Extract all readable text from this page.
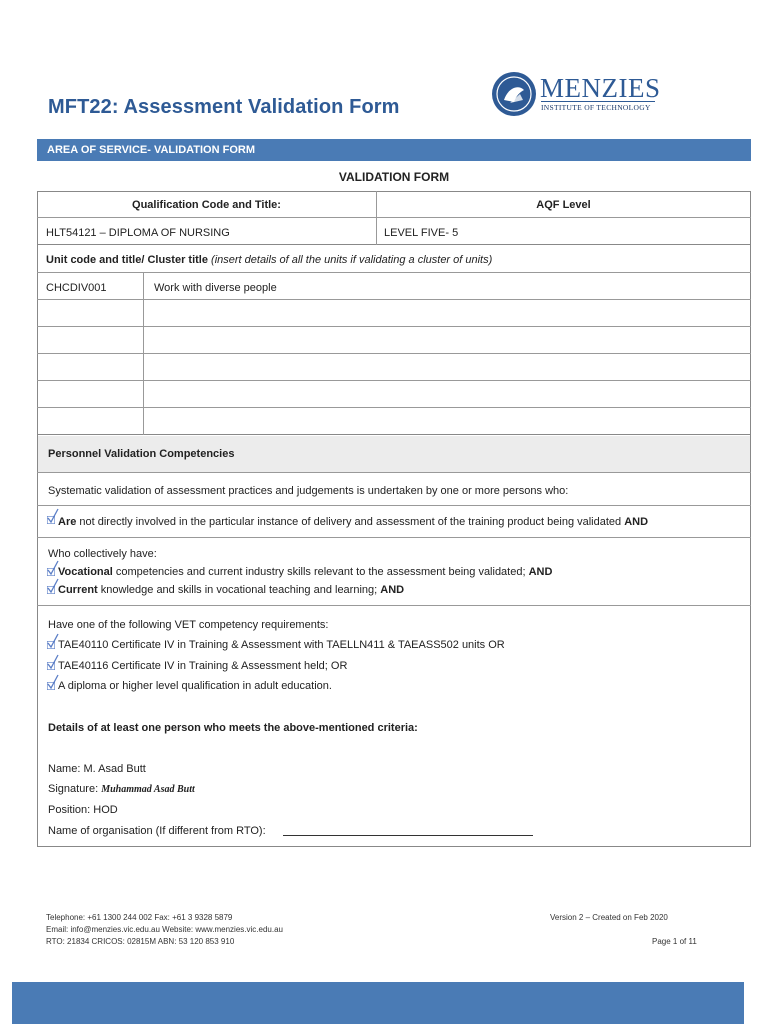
MFT22: Assessment Validation Form
MENZIES
INSTITUTE OF TECHNOLOGY
AREA OF SERVICE- VALIDATION FORM
VALIDATION FORM
Qualification Code and Title:	AQF Level
HLT54121 – DIPLOMA OF NURSING	LEVEL FIVE- 5
Unit code and title/ Cluster title (insert details of all the units if validating a cluster of units)
CHCDIV001	Work with diverse people
Personnel Validation Competencies
Systematic validation of assessment practices and judgements is undertaken by one or more persons who:
☐ Are not directly involved in the particular instance of delivery and assessment of the training product being validated AND
Who collectively have:
☐ Vocational competencies and current industry skills relevant to the assessment being validated; AND
☐ Current knowledge and skills in vocational teaching and learning; AND
Have one of the following VET competency requirements:
☐ TAE40110 Certificate IV in Training & Assessment with TAELLN411 & TAEASS502 units OR
☐ TAE40116 Certificate IV in Training & Assessment held; OR
☐ A diploma or higher level qualification in adult education.
Details of at least one person who meets the above-mentioned criteria:
Name: M. Asad Butt
Signature: Muhammad Asad Butt
Position: HOD
Name of organisation (If different from RTO):
Telephone: +61 1300 244 002 Fax: +61 3 9328 5879
Email: info@menzies.vic.edu.au Website: www.menzies.vic.edu.au
RTO: 21834 CRICOS: 02815M ABN: 53 120 853 910
Version 2 – Created on Feb 2020
Page 1 of 11
